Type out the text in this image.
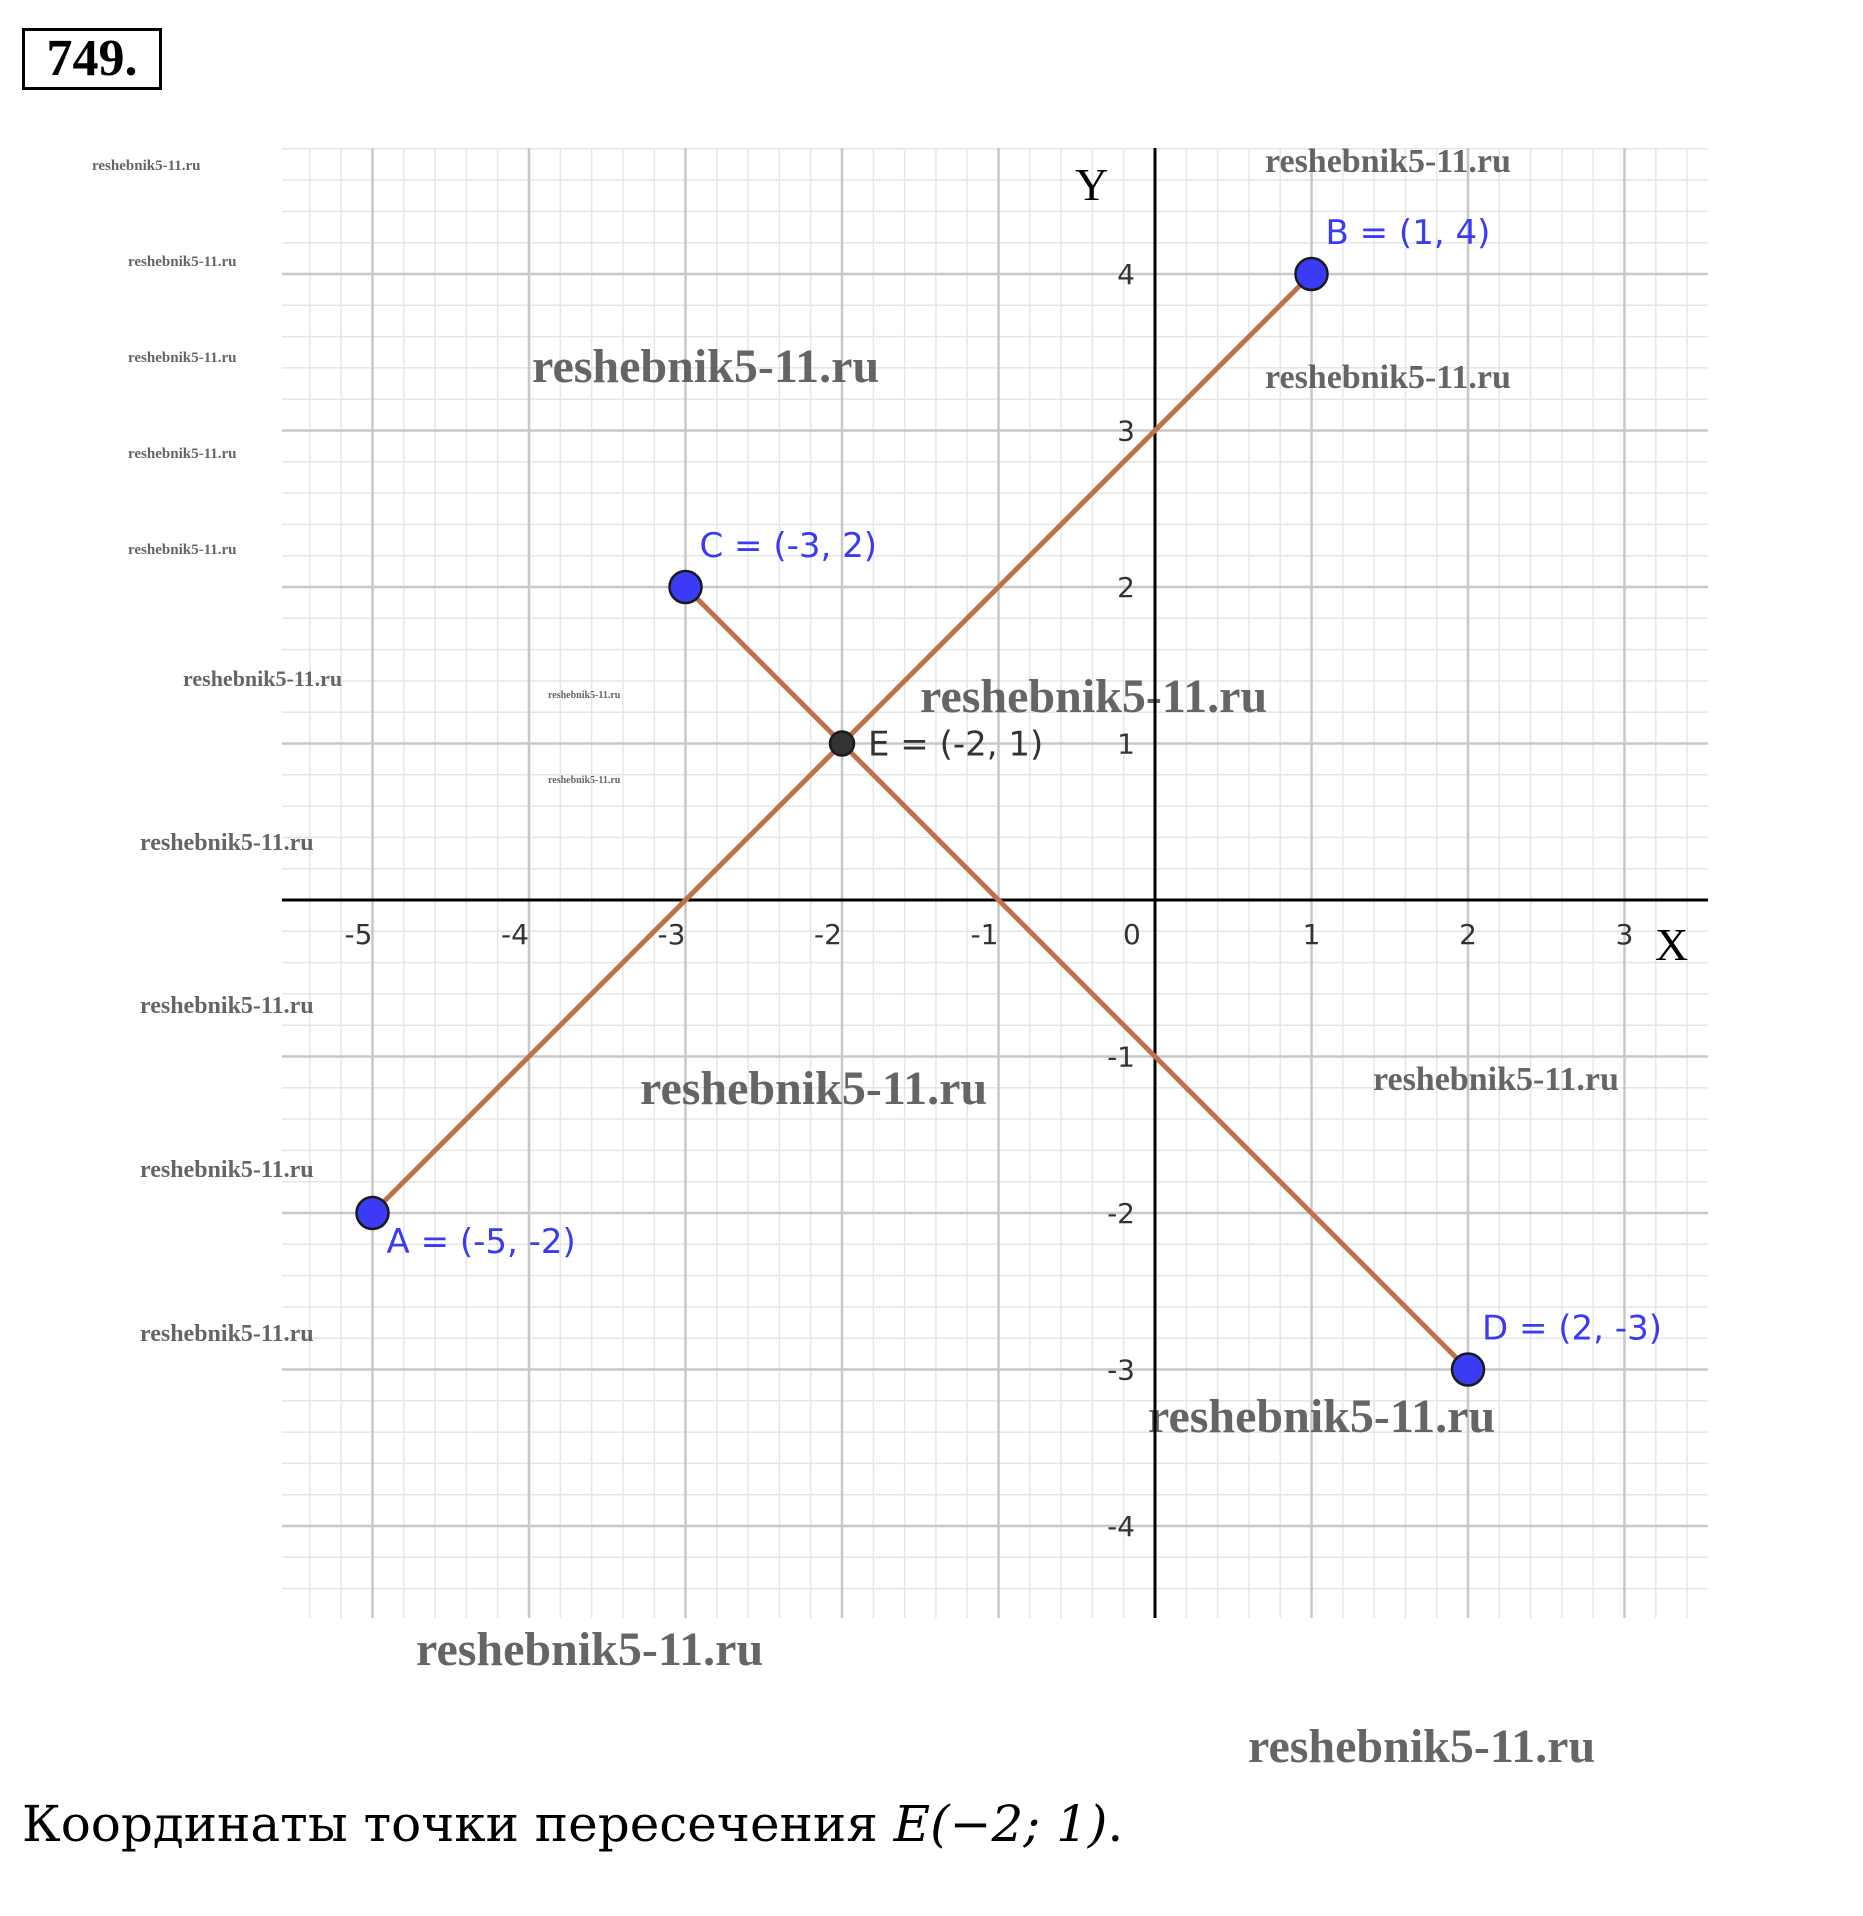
749.
reshebnik5-11.ru
reshebnik5-11.ru
reshebnik5-11.ru
reshebnik5-11.ru
reshebnik5-11.ru
reshebnik5-11.ru
reshebnik5-11.ru
reshebnik5-11.ru
reshebnik5-11.ru
reshebnik5-11.ru
reshebnik5-11.ru
reshebnik5-11.ru
reshebnik5-11.ru
reshebnik5-11.ru
reshebnik5-11.ru
reshebnik5-11.ru
reshebnik5-11.ru
reshebnik5-11.ru
reshebnik5-11.ru
reshebnik5-11.ru
reshebnik5-11.ru
X
Y
-5	-4	-3	-2	-1	0	1	2	3
4
3
2
1
-1
-2
-3
-4
A = (-5, -2)
B = (1, 4)
C = (-3, 2)
D = (2, -3)
E = (-2, 1)
Координаты точки пересечения E(−2; 1).
